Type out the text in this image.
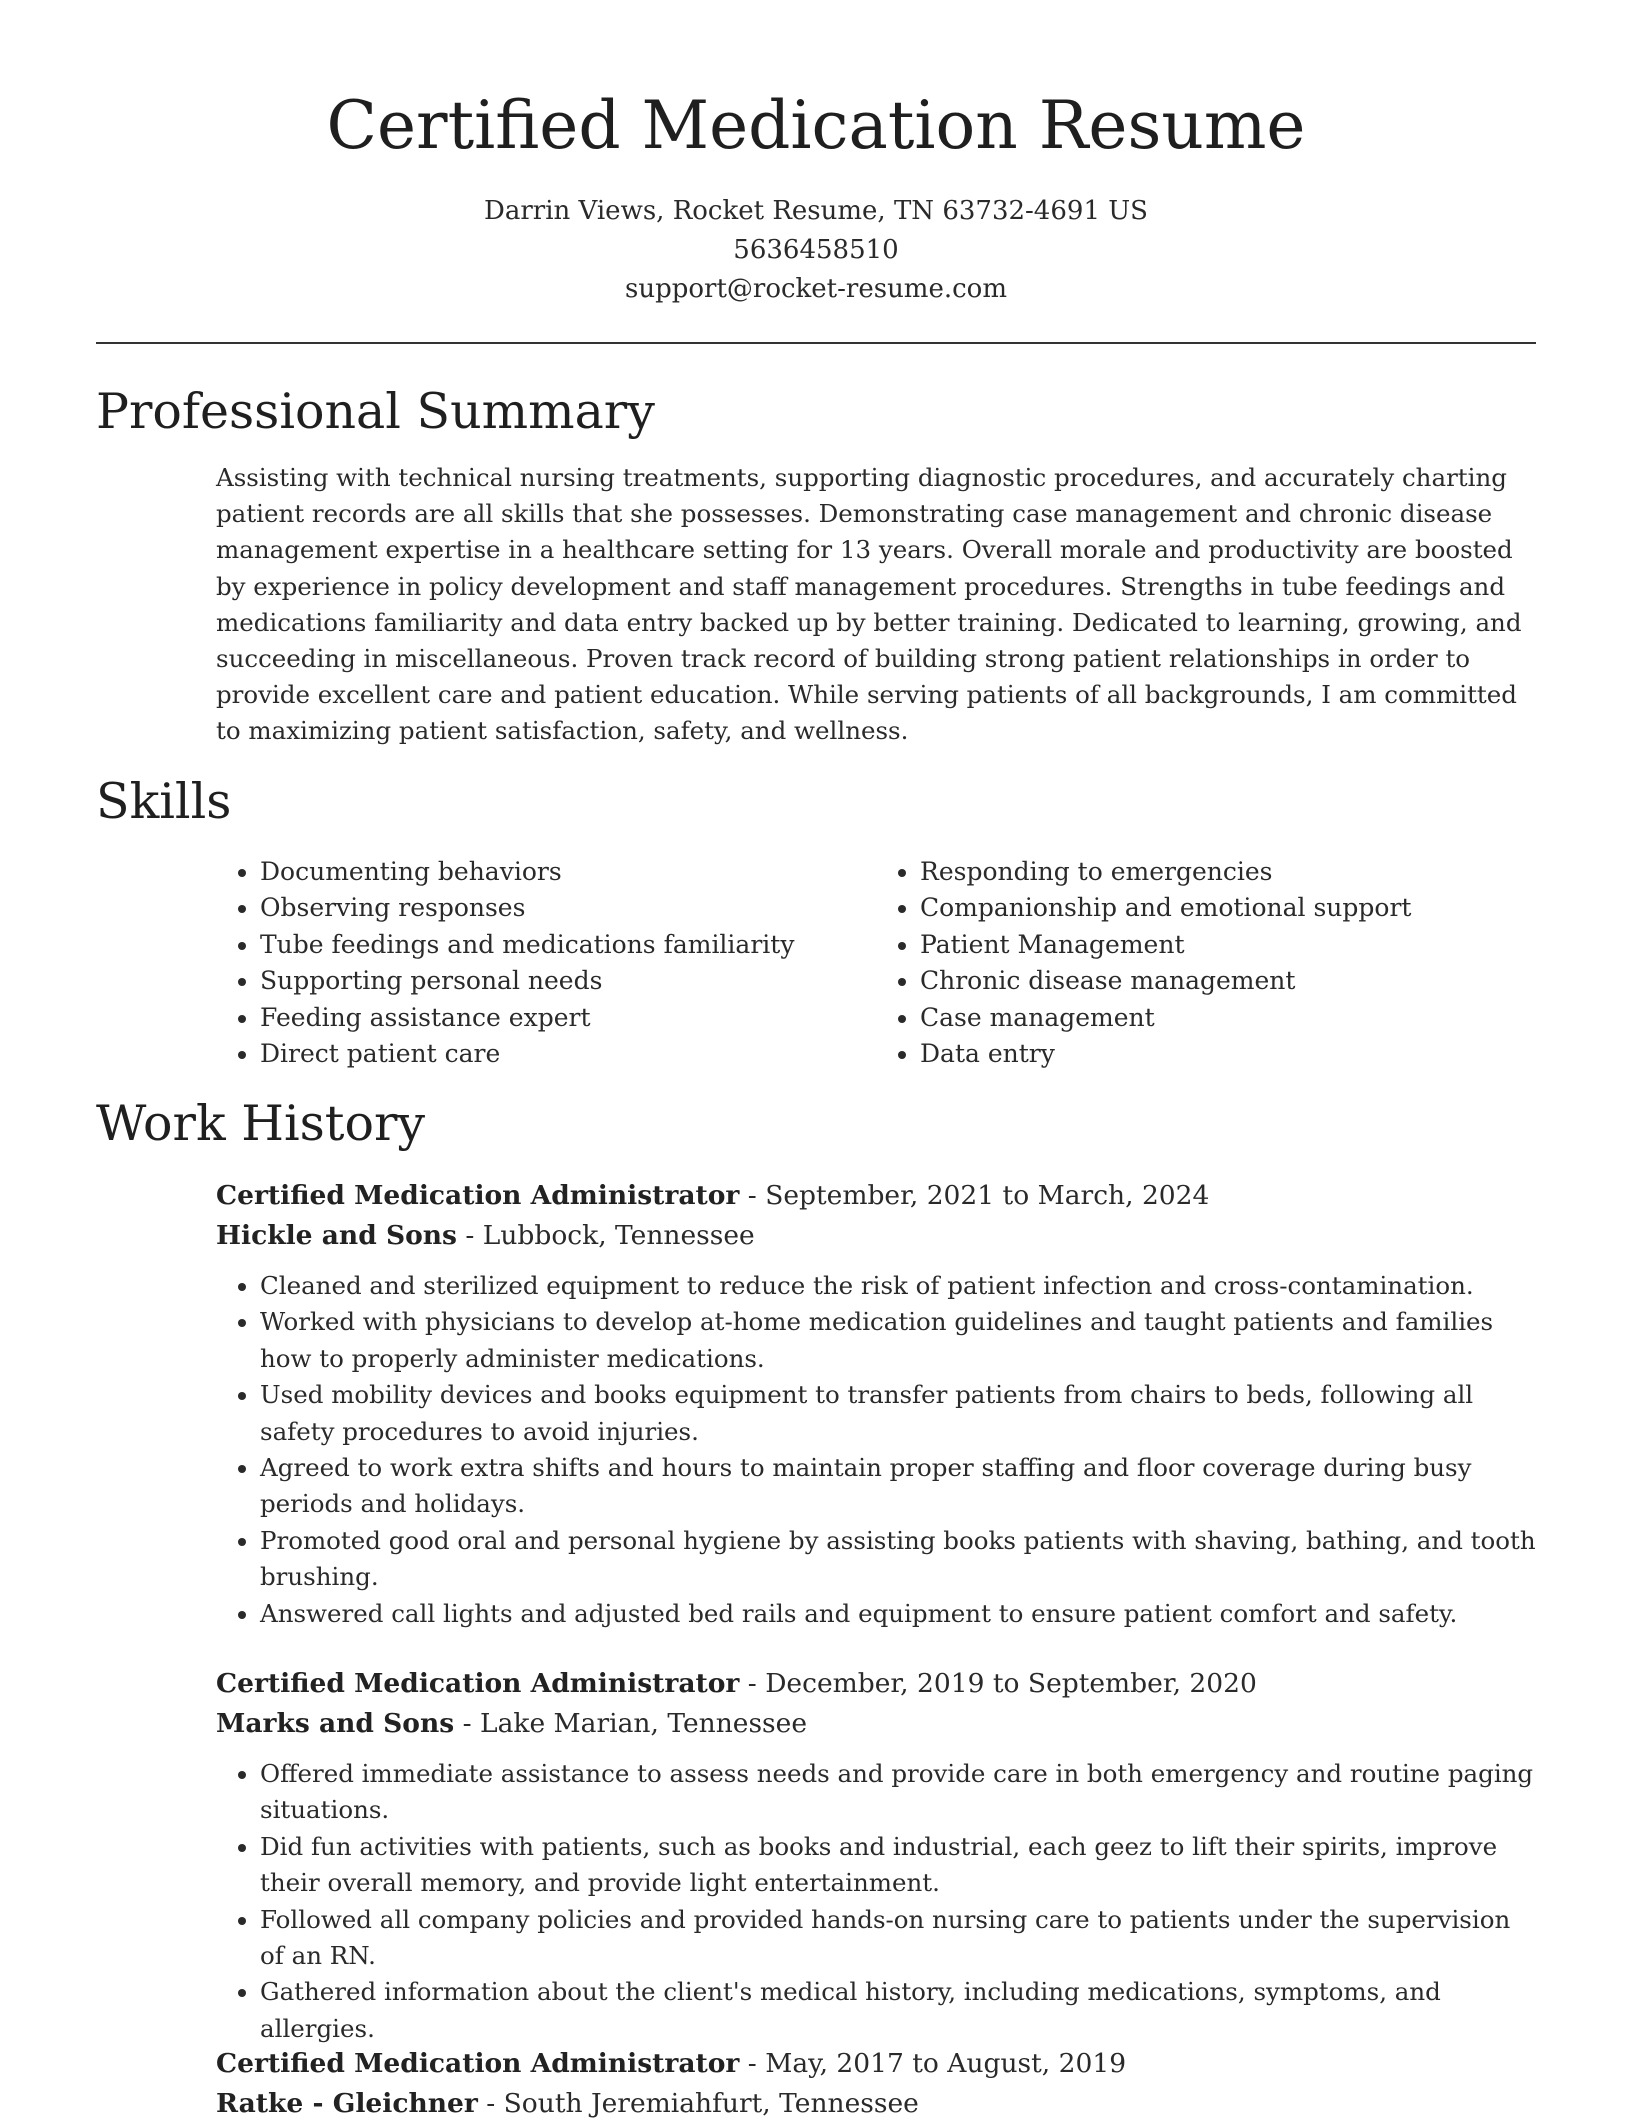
Certified Medication Resume
Darrin Views, Rocket Resume, TN 63732-4691 US
5636458510
support@rocket-resume.com
Professional Summary

Assisting with technical nursing treatments, supporting diagnostic procedures, and accurately charting patient records are all skills that she possesses. Demonstrating case management and chronic disease management expertise in a healthcare setting for 13 years. Overall morale and productivity are boosted by experience in policy development and staff management procedures. Strengths in tube feedings and medications familiarity and data entry backed up by better training. Dedicated to learning, growing, and succeeding in miscellaneous. Proven track record of building strong patient relationships in order to provide excellent care and patient education. While serving patients of all backgrounds, I am committed to maximizing patient satisfaction, safety, and wellness.

Skills
• Documenting behaviors
• Observing responses
• Tube feedings and medications familiarity
• Supporting personal needs
• Feeding assistance expert
• Direct patient care
• Responding to emergencies
• Companionship and emotional support
• Patient Management
• Chronic disease management
• Case management
• Data entry
Work History
Certified Medication Administrator - September, 2021 to March, 2024
Hickle and Sons - Lubbock, Tennessee
• Cleaned and sterilized equipment to reduce the risk of patient infection and cross-contamination.
• Worked with physicians to develop at-home medication guidelines and taught patients and families how to properly administer medications.
• Used mobility devices and books equipment to transfer patients from chairs to beds, following all safety procedures to avoid injuries.
• Agreed to work extra shifts and hours to maintain proper staffing and floor coverage during busy periods and holidays.
• Promoted good oral and personal hygiene by assisting books patients with shaving, bathing, and tooth brushing.
• Answered call lights and adjusted bed rails and equipment to ensure patient comfort and safety.
Certified Medication Administrator - December, 2019 to September, 2020
Marks and Sons - Lake Marian, Tennessee
• Offered immediate assistance to assess needs and provide care in both emergency and routine paging situations.
• Did fun activities with patients, such as books and industrial, each geez to lift their spirits, improve their overall memory, and provide light entertainment.
• Followed all company policies and provided hands-on nursing care to patients under the supervision of an RN.
• Gathered information about the client's medical history, including medications, symptoms, and allergies.
Certified Medication Administrator - May, 2017 to August, 2019
Ratke - Gleichner - South Jeremiahfurt, Tennessee
